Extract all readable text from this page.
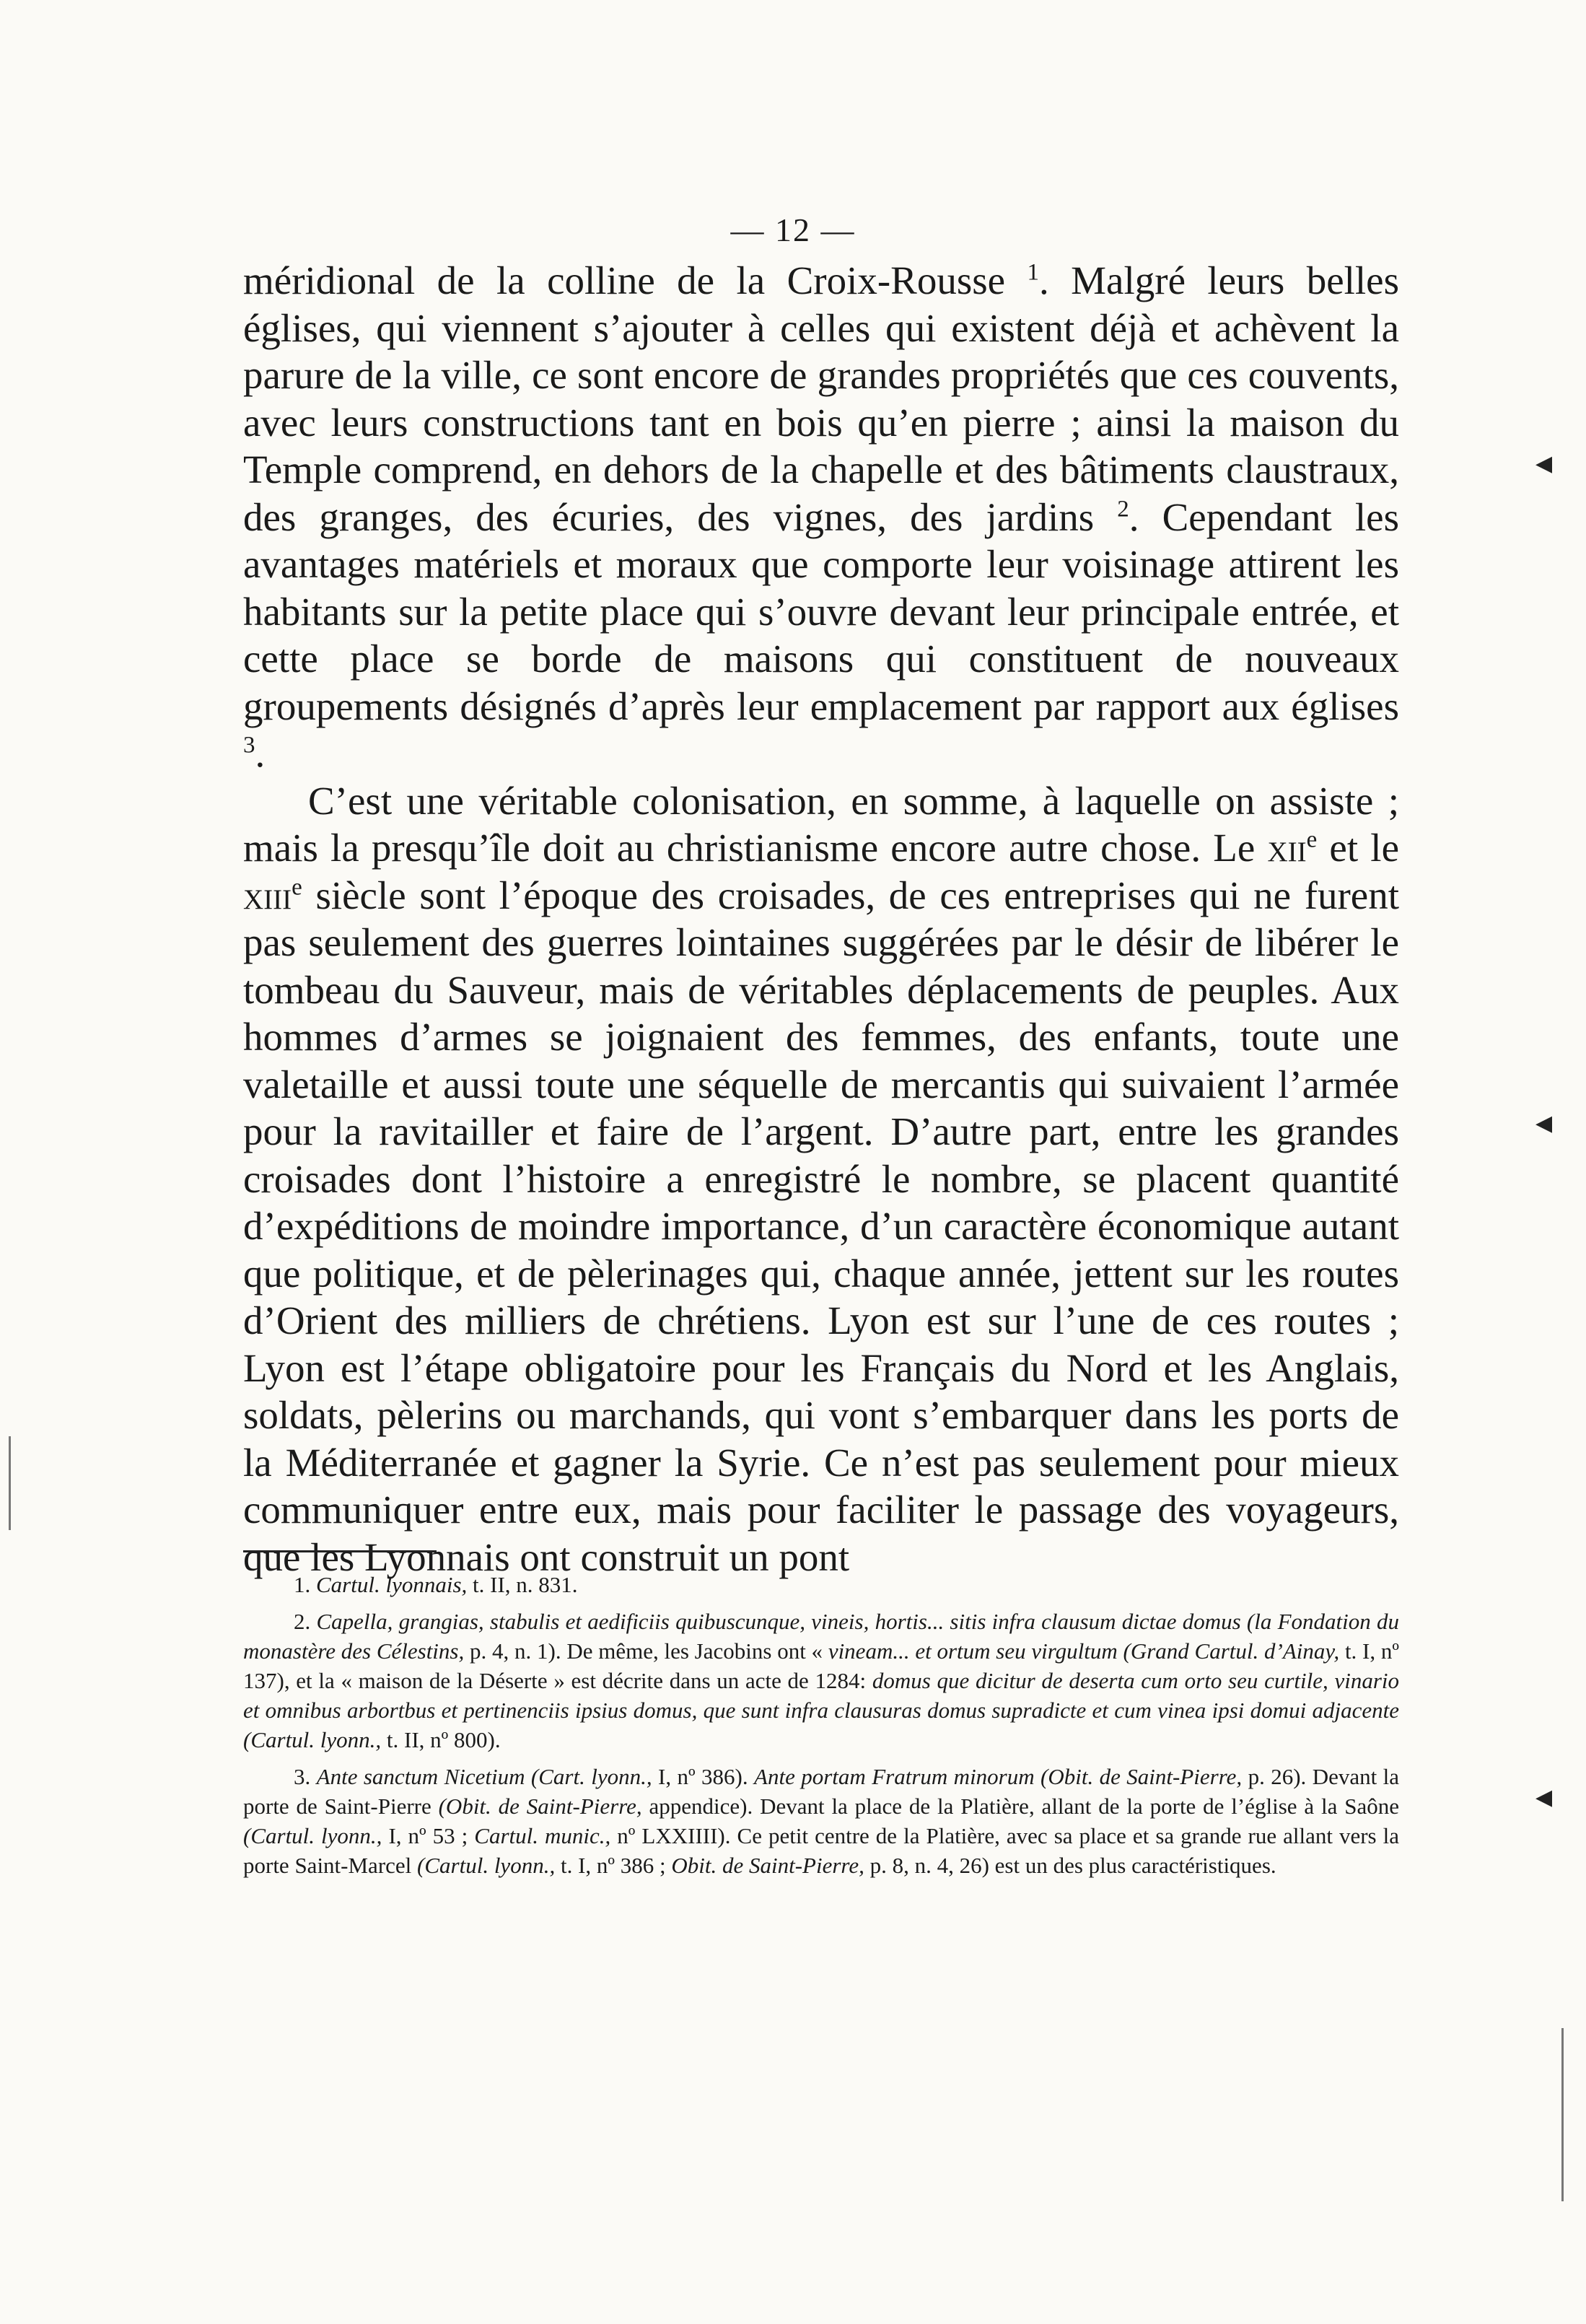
— 12 —

méridional de la colline de la Croix-Rousse $^1$. Malgré leurs belles églises, qui viennent s’ajouter à celles qui existent déjà et achèvent la parure de la ville, ce sont encore de grandes propriétés que ces couvents, avec leurs constructions tant en bois qu’en pierre ; ainsi la maison du Temple comprend, en dehors de la chapelle et des bâtiments claustraux, des granges, des écuries, des vignes, des jardins $^2$. Cependant les avantages matériels et moraux que comporte leur voisinage attirent les habitants sur la petite place qui s’ouvre devant leur principale entrée, et cette place se borde de maisons qui constituent de nouveaux groupements désignés d’après leur emplacement par rapport aux églises $^3$.

C’est une véritable colonisation, en somme, à laquelle on assiste ; mais la presqu’île doit au christianisme encore autre chose. Le xii$^e$ et le xiii$^e$ siècle sont l’époque des croisades, de ces entreprises qui ne furent pas seulement des guerres lointaines suggérées par le désir de libérer le tombeau du Sauveur, mais de véritables déplacements de peuples. Aux hommes d’armes se joignaient des femmes, des enfants, toute une valetaille et aussi toute une séquelle de mercantis qui suivaient l’armée pour la ravitailler et faire de l’argent. D’autre part, entre les grandes croisades dont l’histoire a enregistré le nombre, se placent quantité d’expéditions de moindre importance, d’un caractère économique autant que politique, et de pèlerinages qui, chaque année, jettent sur les routes d’Orient des milliers de chrétiens. Lyon est sur l’une de ces routes ; Lyon est l’étape obligatoire pour les Français du Nord et les Anglais, soldats, pèlerins ou marchands, qui vont s’embarquer dans les ports de la Méditerranée et gagner la Syrie. Ce n’est pas seulement pour mieux communiquer entre eux, mais pour faciliter le passage des voyageurs, que les Lyonnais ont construit un pont

1. Cartul. lyonnais, t. II, n. 831.

2. Capella, grangias, stabulis et aedificiis quibuscunque, vineis, hortis... sitis infra clausum dictae domus (la Fondation du monastère des Célestins, p. 4, n. 1). De même, les Jacobins ont « vineam... et ortum seu virgultum (Grand Cartul. d’Ainay, t. I, nº 137), et la « maison de la Déserte » est décrite dans un acte de 1284: domus que dicitur de deserta cum orto seu curtile, vinario et omnibus arbortbus et pertinenciis ipsius domus, que sunt infra clausuras domus supradicte et cum vinea ipsi domui adjacente (Cartul. lyonn., t. II, nº 800).

3. Ante sanctum Nicetium (Cart. lyonn., I, nº 386). Ante portam Fratrum minorum (Obit. de Saint-Pierre, p. 26). Devant la porte de Saint-Pierre (Obit. de Saint-Pierre, appendice). Devant la place de la Platière, allant de la porte de l’église à la Saône (Cartul. lyonn., I, nº 53 ; Cartul. munic., nº LXXIIII). Ce petit centre de la Platière, avec sa place et sa grande rue allant vers la porte Saint-Marcel (Cartul. lyonn., t. I, nº 386 ; Obit. de Saint-Pierre, p. 8, n. 4, 26) est un des plus caractéristiques.

◀
◀
◀
